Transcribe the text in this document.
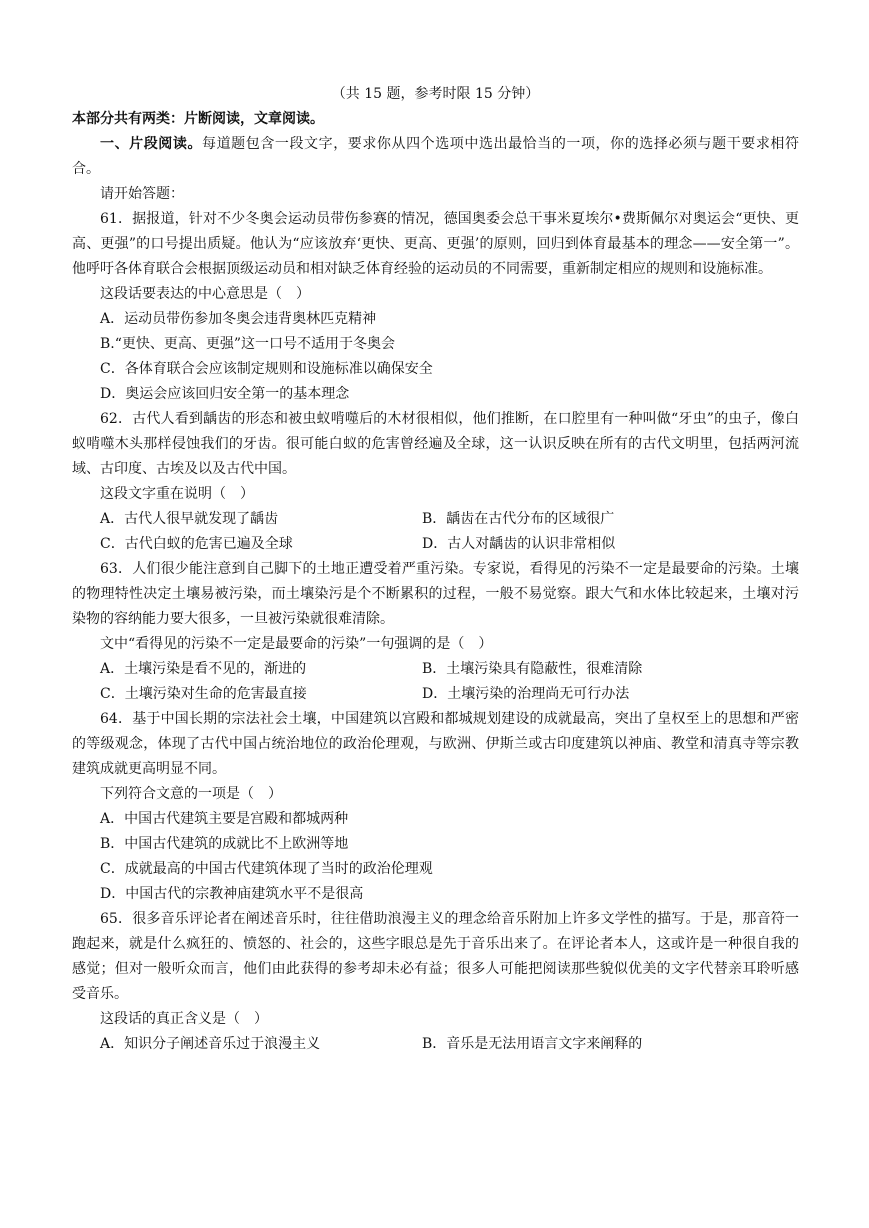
（共 15 题，参考时限 15 分钟）
本部分共有两类：片断阅读，文章阅读。
一、片段阅读。每道题包含一段文字，要求你从四个选项中选出最恰当的一项，你的选择必须与题干要求相符合。
请开始答题：
61．据报道，针对不少冬奥会运动员带伤参赛的情况，德国奥委会总干事米夏埃尔•费斯佩尔对奥运会“更快、更高、更强”的口号提出质疑。他认为“应该放弃‘更快、更高、更强’的原则，回归到体育最基本的理念——安全第一”。他呼吁各体育联合会根据顶级运动员和相对缺乏体育经验的运动员的不同需要，重新制定相应的规则和设施标准。
这段话要表达的中心意思是（　）
A．运动员带伤参加冬奥会违背奥林匹克精神
B.“更快、更高、更强”这一口号不适用于冬奥会
C．各体育联合会应该制定规则和设施标准以确保安全
D．奥运会应该回归安全第一的基本理念
62．古代人看到龋齿的形态和被虫蚁啃噬后的木材很相似，他们推断，在口腔里有一种叫做“牙虫”的虫子，像白蚁啃噬木头那样侵蚀我们的牙齿。很可能白蚁的危害曾经遍及全球，这一认识反映在所有的古代文明里，包括两河流域、古印度、古埃及以及古代中国。
这段文字重在说明（　）
A．古代人很早就发现了龋齿	B．龋齿在古代分布的区域很广
C．古代白蚁的危害已遍及全球	D．古人对龋齿的认识非常相似
63．人们很少能注意到自己脚下的土地正遭受着严重污染。专家说，看得见的污染不一定是最要命的污染。土壤的物理特性决定土壤易被污染，而土壤染污是个不断累积的过程，一般不易觉察。跟大气和水体比较起来，土壤对污染物的容纳能力要大很多，一旦被污染就很难清除。
文中“看得见的污染不一定是最要命的污染”一句强调的是（　）
A．土壤污染是看不见的，渐进的	B．土壤污染具有隐蔽性，很难清除
C．土壤污染对生命的危害最直接	D．土壤污染的治理尚无可行办法
64．基于中国长期的宗法社会土壤，中国建筑以宫殿和都城规划建设的成就最高，突出了皇权至上的思想和严密的等级观念，体现了古代中国占统治地位的政治伦理观，与欧洲、伊斯兰或古印度建筑以神庙、教堂和清真寺等宗教建筑成就更高明显不同。
下列符合文意的一项是（　）
A．中国古代建筑主要是宫殿和都城两种
B．中国古代建筑的成就比不上欧洲等地
C．成就最高的中国古代建筑体现了当时的政治伦理观
D．中国古代的宗教神庙建筑水平不是很高
65．很多音乐评论者在阐述音乐时，往往借助浪漫主义的理念给音乐附加上许多文学性的描写。于是，那音符一跑起来，就是什么疯狂的、愤怒的、社会的，这些字眼总是先于音乐出来了。在评论者本人，这或许是一种很自我的感觉；但对一般听众而言，他们由此获得的参考却未必有益；很多人可能把阅读那些貌似优美的文字代替亲耳聆听感受音乐。
这段话的真正含义是（　）
A．知识分子阐述音乐过于浪漫主义	B．音乐是无法用语言文字来阐释的
